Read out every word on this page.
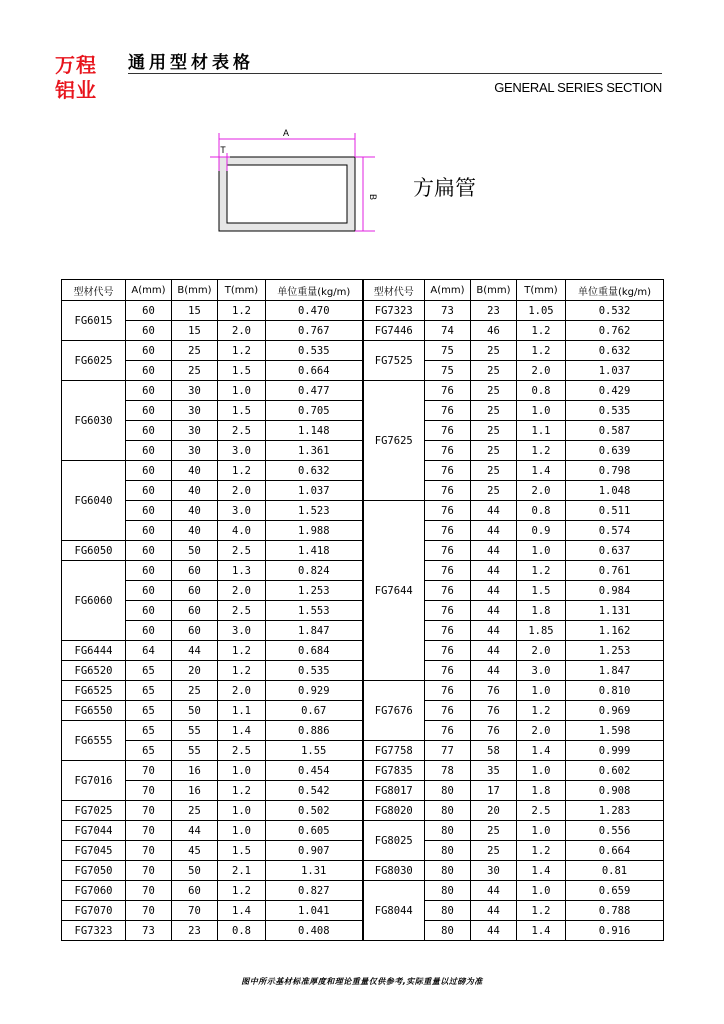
万程
铝业
通用型材表格
GENERAL SERIES SECTION
A
B
T
方扁管
型材代号	A(mm)	B(mm)	T(mm)	单位重量(kg/m)	型材代号	A(mm)	B(mm)	T(mm)	单位重量(kg/m)
FG6015	60	15	1.2	0.470	FG7323	73	23	1.05	0.532
	60	15	2.0	0.767	FG7446	74	46	1.2	0.762
FG6025	60	25	1.2	0.535	FG7525	75	25	1.2	0.632
	60	25	1.5	0.664		75	25	2.0	1.037
FG6030	60	30	1.0	0.477	FG7625	76	25	0.8	0.429
	60	30	1.5	0.705		76	25	1.0	0.535
	60	30	2.5	1.148		76	25	1.1	0.587
	60	30	3.0	1.361		76	25	1.2	0.639
FG6040	60	40	1.2	0.632		76	25	1.4	0.798
	60	40	2.0	1.037		76	25	2.0	1.048
	60	40	3.0	1.523	FG7644	76	44	0.8	0.511
	60	40	4.0	1.988		76	44	0.9	0.574
FG6050	60	50	2.5	1.418		76	44	1.0	0.637
FG6060	60	60	1.3	0.824		76	44	1.2	0.761
	60	60	2.0	1.253		76	44	1.5	0.984
	60	60	2.5	1.553		76	44	1.8	1.131
	60	60	3.0	1.847		76	44	1.85	1.162
FG6444	64	44	1.2	0.684		76	44	2.0	1.253
FG6520	65	20	1.2	0.535		76	44	3.0	1.847
FG6525	65	25	2.0	0.929	FG7676	76	76	1.0	0.810
FG6550	65	50	1.1	0.67		76	76	1.2	0.969
FG6555	65	55	1.4	0.886		76	76	2.0	1.598
	65	55	2.5	1.55	FG7758	77	58	1.4	0.999
FG7016	70	16	1.0	0.454	FG7835	78	35	1.0	0.602
	70	16	1.2	0.542	FG8017	80	17	1.8	0.908
FG7025	70	25	1.0	0.502	FG8020	80	20	2.5	1.283
FG7044	70	44	1.0	0.605	FG8025	80	25	1.0	0.556
FG7045	70	45	1.5	0.907		80	25	1.2	0.664
FG7050	70	50	2.1	1.31	FG8030	80	30	1.4	0.81
FG7060	70	60	1.2	0.827	FG8044	80	44	1.0	0.659
FG7070	70	70	1.4	1.041		80	44	1.2	0.788
FG7323	73	23	0.8	0.408		80	44	1.4	0.916
图中所示基材标准厚度和理论重量仅供参考,实际重量以过磅为准
